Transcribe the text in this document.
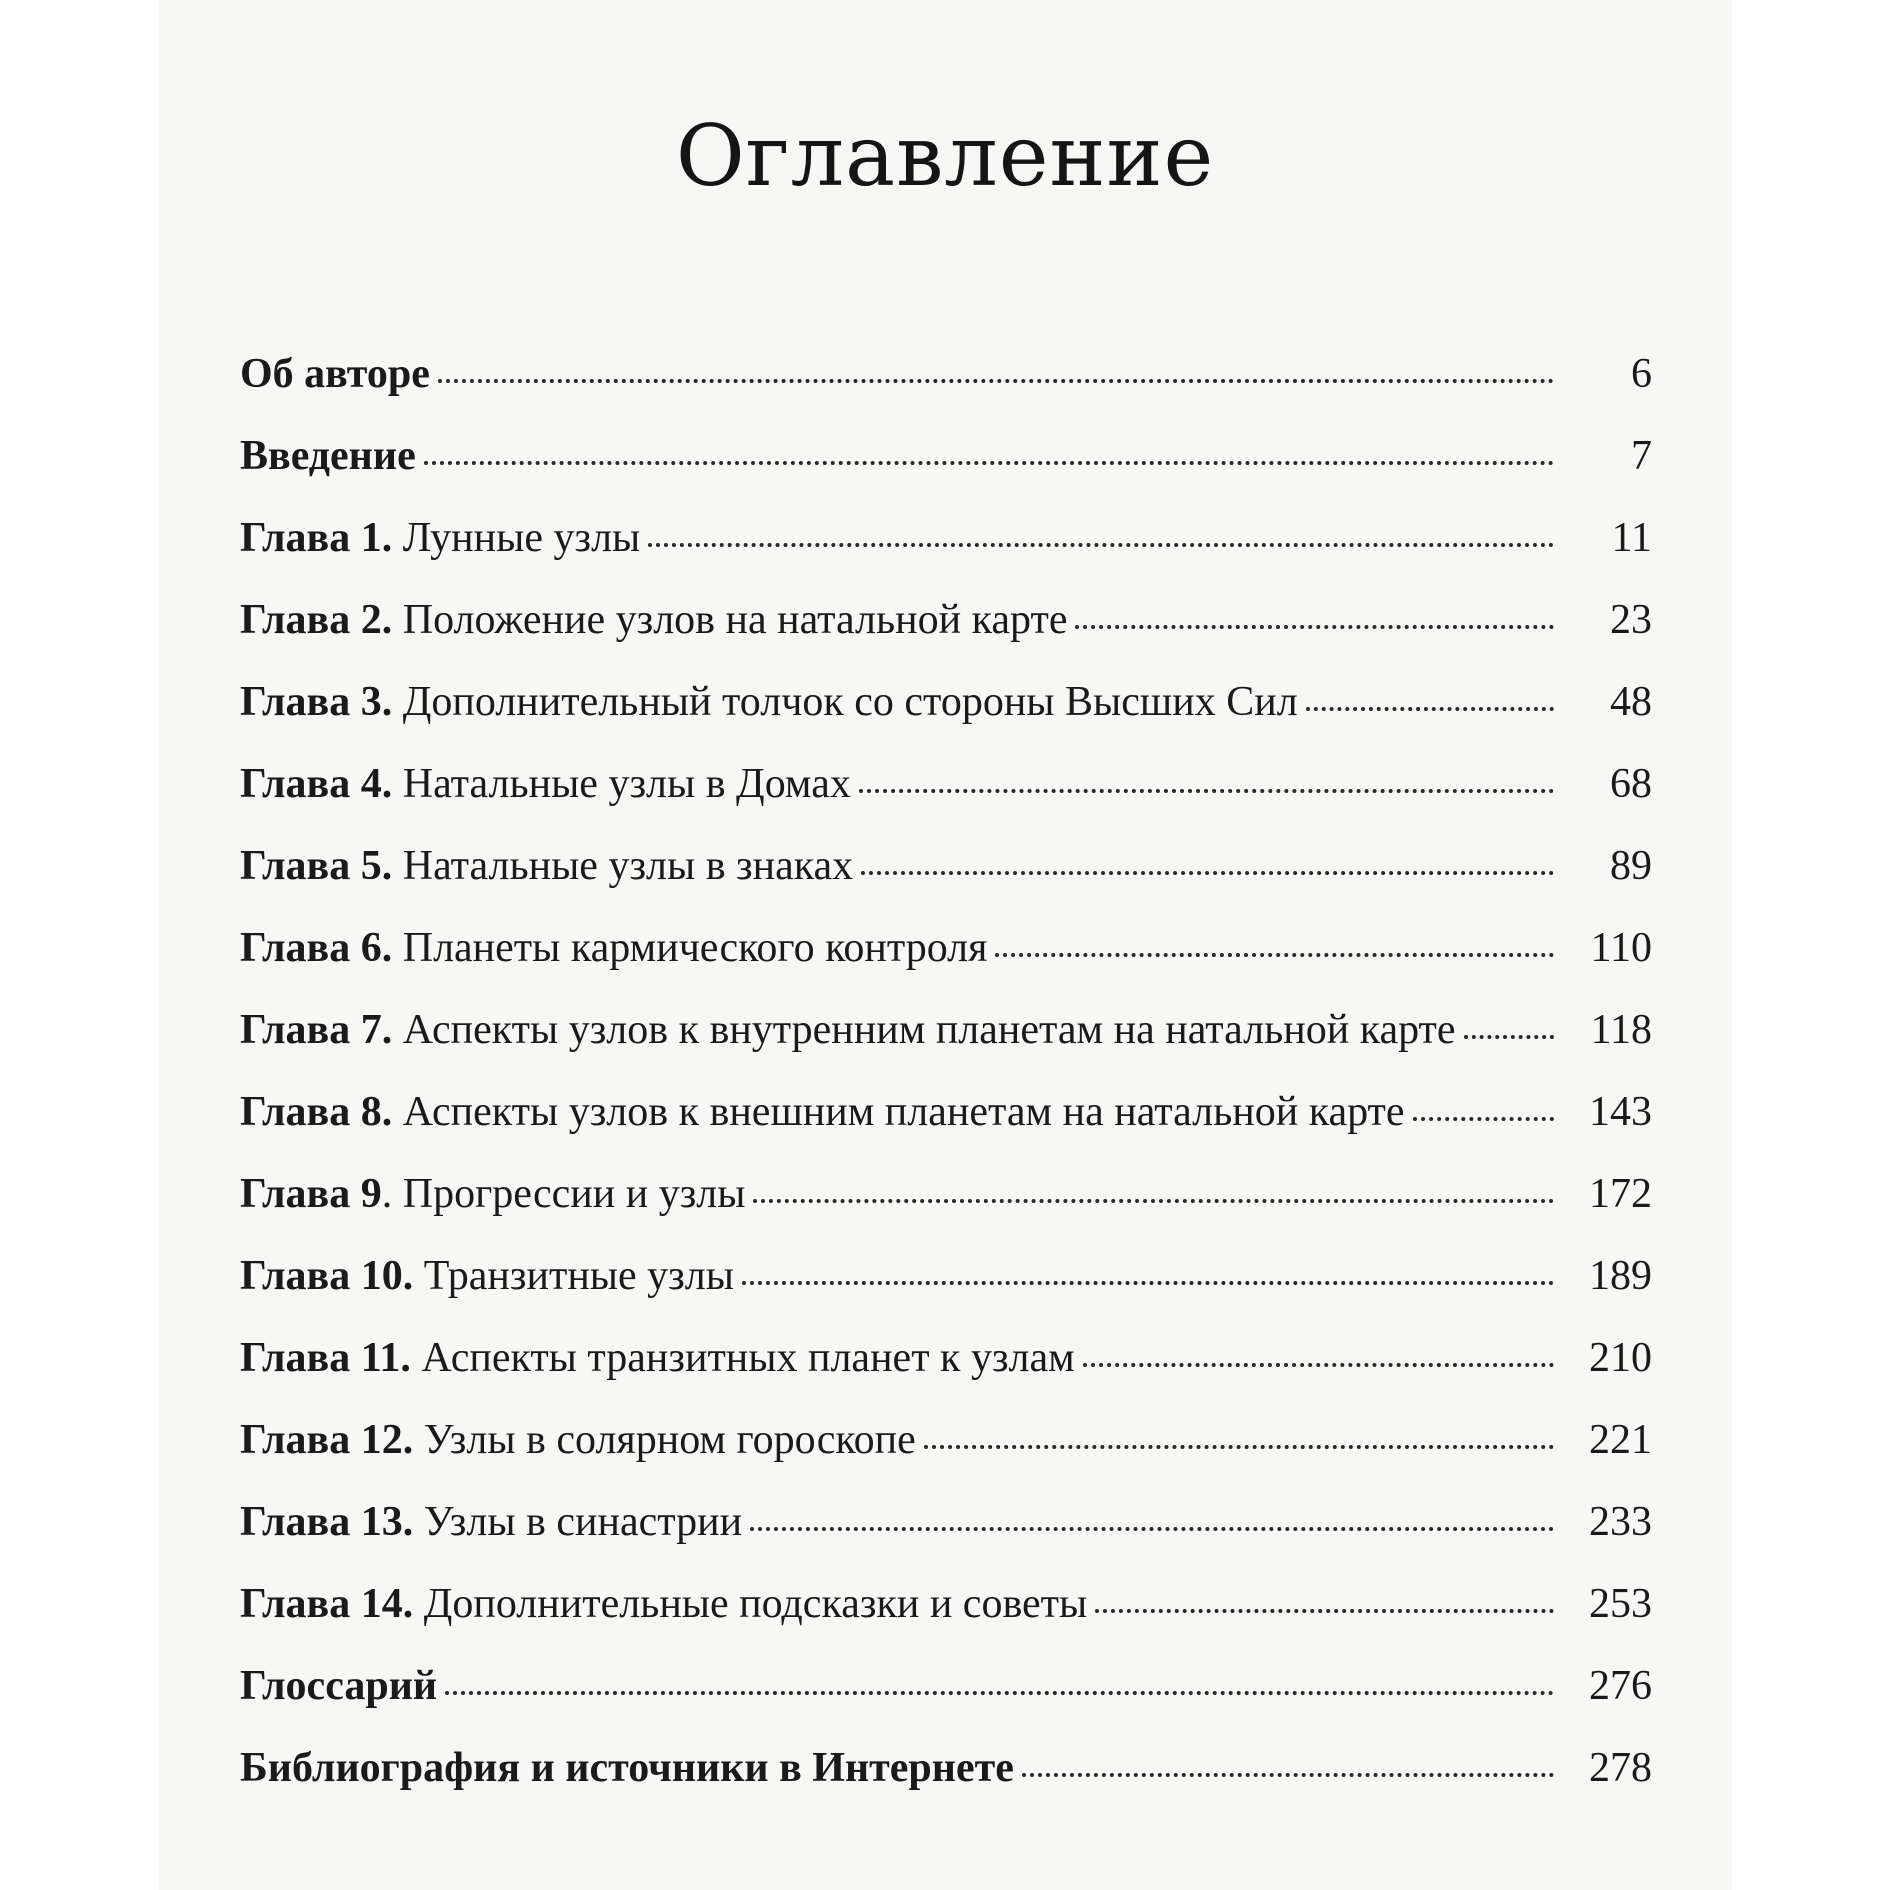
Оглавление
Об авторе	6
Введение	7
Глава 1. Лунные узлы	11
Глава 2. Положение узлов на натальной карте	23
Глава 3. Дополнительный толчок со стороны Высших Сил	48
Глава 4. Натальные узлы в Домах	68
Глава 5. Натальные узлы в знаках	89
Глава 6. Планеты кармического контроля	110
Глава 7. Аспекты узлов к внутренним планетам на натальной карте	118
Глава 8. Аспекты узлов к внешним планетам на натальной карте	143
Глава 9. Прогрессии и узлы	172
Глава 10. Транзитные узлы	189
Глава 11. Аспекты транзитных планет к узлам	210
Глава 12. Узлы в солярном гороскопе	221
Глава 13. Узлы в синастрии	233
Глава 14. Дополнительные подсказки и советы	253
Глоссарий	276
Библиография и источники в Интернете	278
